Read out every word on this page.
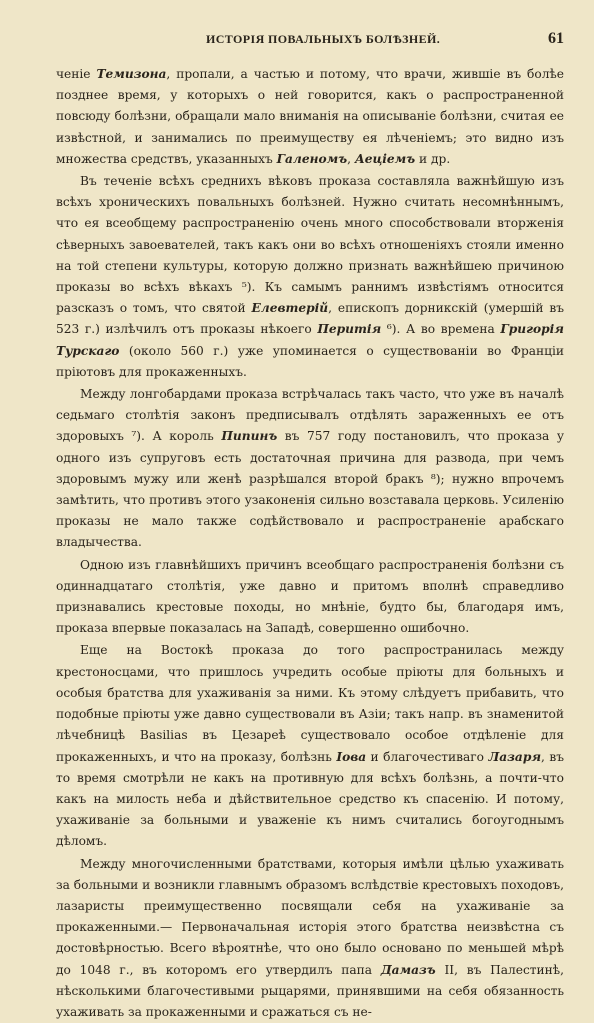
ИСТОРІЯ ПОВАЛЬНЫХЪ БОЛѢЗНЕЙ.	61

ченіе Темизона, пропали, а частью и потому, что врачи, жившіе въ болѣе позднее время, у которыхъ о ней говорится, какъ о распространенной повсюду болѣзни, обращали мало вниманія на описываніе болѣзни, считая ее извѣстной, и занимались по преимуществу ея лѣченіемъ; это видно изъ множества средствъ, указанныхъ Галеномъ, Аецiемъ и др.

Въ теченіе всѣхъ среднихъ вѣковъ проказа составляла важнѣйшую изъ всѣхъ хроническихъ повальныхъ болѣзней. Нужно считать несомнѣннымъ, что ея всеобщему распространенію очень много способствовали вторженія сѣверныхъ завоевателей, такъ какъ они во всѣхъ отношеніяхъ стояли именно на той степени культуры, которую должно признать важнѣйшею причиною проказы во всѣхъ вѣкахъ ⁵). Къ самымъ раннимъ извѣстіямъ относится разсказъ о томъ, что святой Елевтерій, епископъ дорникскій (умершій въ 523 г.) излѣчилъ отъ проказы нѣкоего Перитія ⁶). А во времена Григорія Турскаго (около 560 г.) уже упоминается о существованіи во Франціи пріютовъ для прокаженныхъ.

Между лонгобардами проказа встрѣчалась такъ часто, что уже въ началѣ седьмаго столѣтія законъ предписывалъ отдѣлять зараженныхъ ее отъ здоровыхъ ⁷). А король Пипинъ въ 757 году постановилъ, что проказа у одного изъ супруговъ есть достаточная причина для развода, при чемъ здоровымъ мужу или женѣ разрѣшался второй бракъ ⁸); нужно впрочемъ замѣтить, что противъ этого узаконенія сильно возставала церковь. Усиленію проказы не мало также содѣйствовало и распространеніе арабскаго владычества.

Одною изъ главнѣйшихъ причинъ всеобщаго распространенія болѣзни съ одиннадцатаго столѣтія, уже давно и притомъ вполнѣ справедливо признавались крестовые походы, но мнѣніе, будто бы, благодаря имъ, проказа впервые показалась на Западѣ, совершенно ошибочно.

Еще на Востокѣ проказа до того распространилась между крестоносцами, что пришлось учредить особые пріюты для больныхъ и особыя братства для ухаживанія за ними. Къ этому слѣдуетъ прибавить, что подобные пріюты уже давно существовали въ Азіи; такъ напр. въ знаменитой лѣчебницѣ Basilias въ Цезареѣ существовало особое отдѣленіе для прокаженныхъ, и что на проказу, болѣзнь Іова и благочестиваго Лазаря, въ то время смотрѣли не какъ на противную для всѣхъ болѣзнь, а почти-что какъ на милость неба и дѣйствительное средство къ спасенію. И потому, ухаживаніе за больными и уваженіе къ нимъ считались богоугоднымъ дѣломъ.

Между многочисленными братствами, которыя имѣли цѣлью ухаживать за больными и возникли главнымъ образомъ вслѣдствіе крестовыхъ походовъ, лазаристы преимущественно посвящали себя на ухаживаніе за прокаженными.— Первоначальная исторія этого братства неизвѣстна съ достовѣрностью. Всего вѣроятнѣе, что оно было основано по меньшей мѣрѣ до 1048 г., въ которомъ его утвердилъ папа Дамазъ II, въ Палестинѣ, нѣсколькими благочестивыми рыцарями, принявшими на себя обязанность ухаживать за прокаженными и сражаться съ не-
